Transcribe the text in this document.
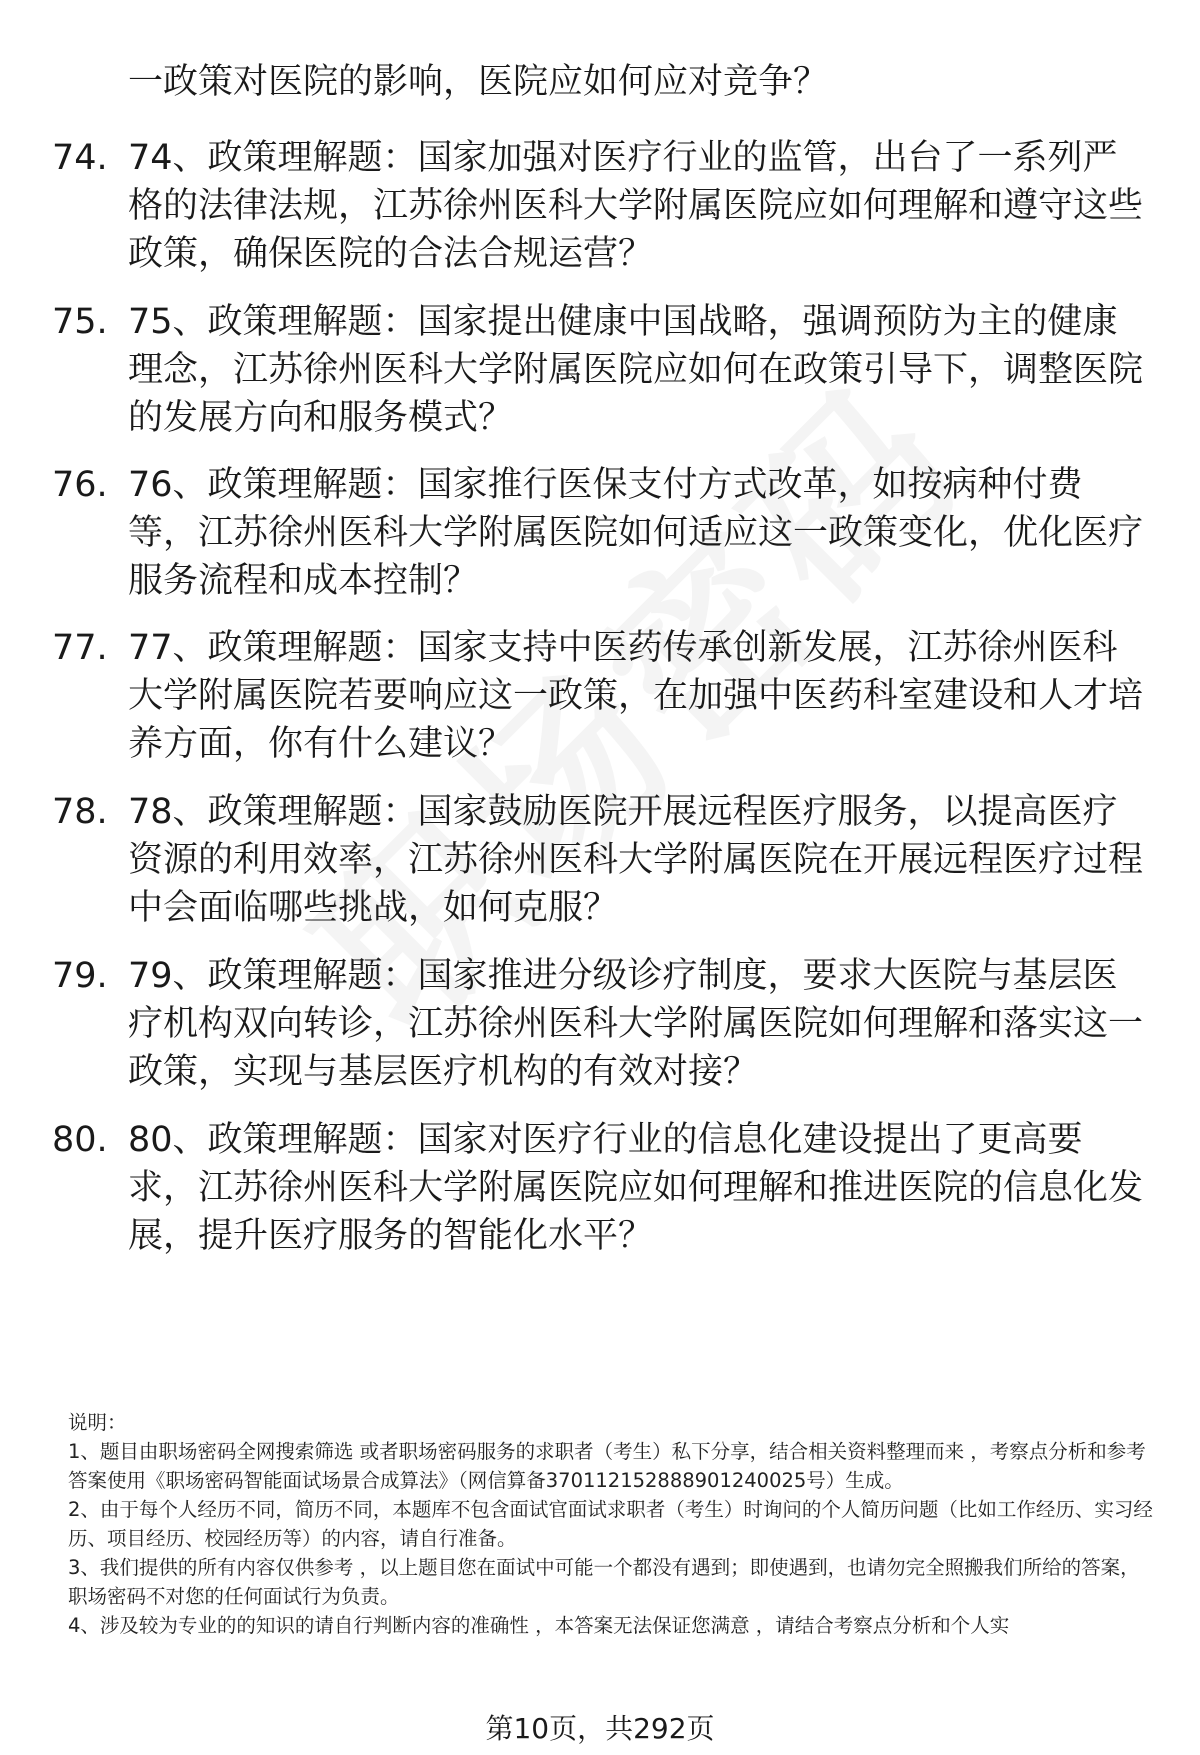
一政策对医院的影响，医院应如何应对竞争？
74. 74、政策理解题：国家加强对医疗行业的监管，出台了一系列严格的法律法规，江苏徐州医科大学附属医院应如何理解和遵守这些政策，确保医院的合法合规运营？
75. 75、政策理解题：国家提出健康中国战略，强调预防为主的健康理念，江苏徐州医科大学附属医院应如何在政策引导下，调整医院的发展方向和服务模式？
76. 76、政策理解题：国家推行医保支付方式改革，如按病种付费等，江苏徐州医科大学附属医院如何适应这一政策变化，优化医疗服务流程和成本控制？
77. 77、政策理解题：国家支持中医药传承创新发展，江苏徐州医科大学附属医院若要响应这一政策，在加强中医药科室建设和人才培养方面，你有什么建议？
78. 78、政策理解题：国家鼓励医院开展远程医疗服务，以提高医疗资源的利用效率，江苏徐州医科大学附属医院在开展远程医疗过程中会面临哪些挑战，如何克服？
79. 79、政策理解题：国家推进分级诊疗制度，要求大医院与基层医疗机构双向转诊，江苏徐州医科大学附属医院如何理解和落实这一政策，实现与基层医疗机构的有效对接？
80. 80、政策理解题：国家对医疗行业的信息化建设提出了更高要求，江苏徐州医科大学附属医院应如何理解和推进医院的信息化发展，提升医疗服务的智能化水平？

说明：

1、题目由职场密码全网搜索筛选 或者职场密码服务的求职者（考生）私下分享，结合相关资料整理而来 ，考察点分析和参考答案使用《职场密码智能面试场景合成算法》（网信算备370112152888901240025号）生成。

2、由于每个人经历不同，简历不同，本题库不包含面试官面试求职者（考生）时询问的个人简历问题（比如工作经历、实习经历、项目经历、校园经历等）的内容，请自行准备。

3、我们提供的所有内容仅供参考 ，以上题目您在面试中可能一个都没有遇到；即使遇到，也请勿完全照搬我们所给的答案，职场密码不对您的任何面试行为负责。

4、涉及较为专业的的知识的请自行判断内容的准确性 ，本答案无法保证您满意 ，请结合考察点分析和个人实

第10页，共292页
